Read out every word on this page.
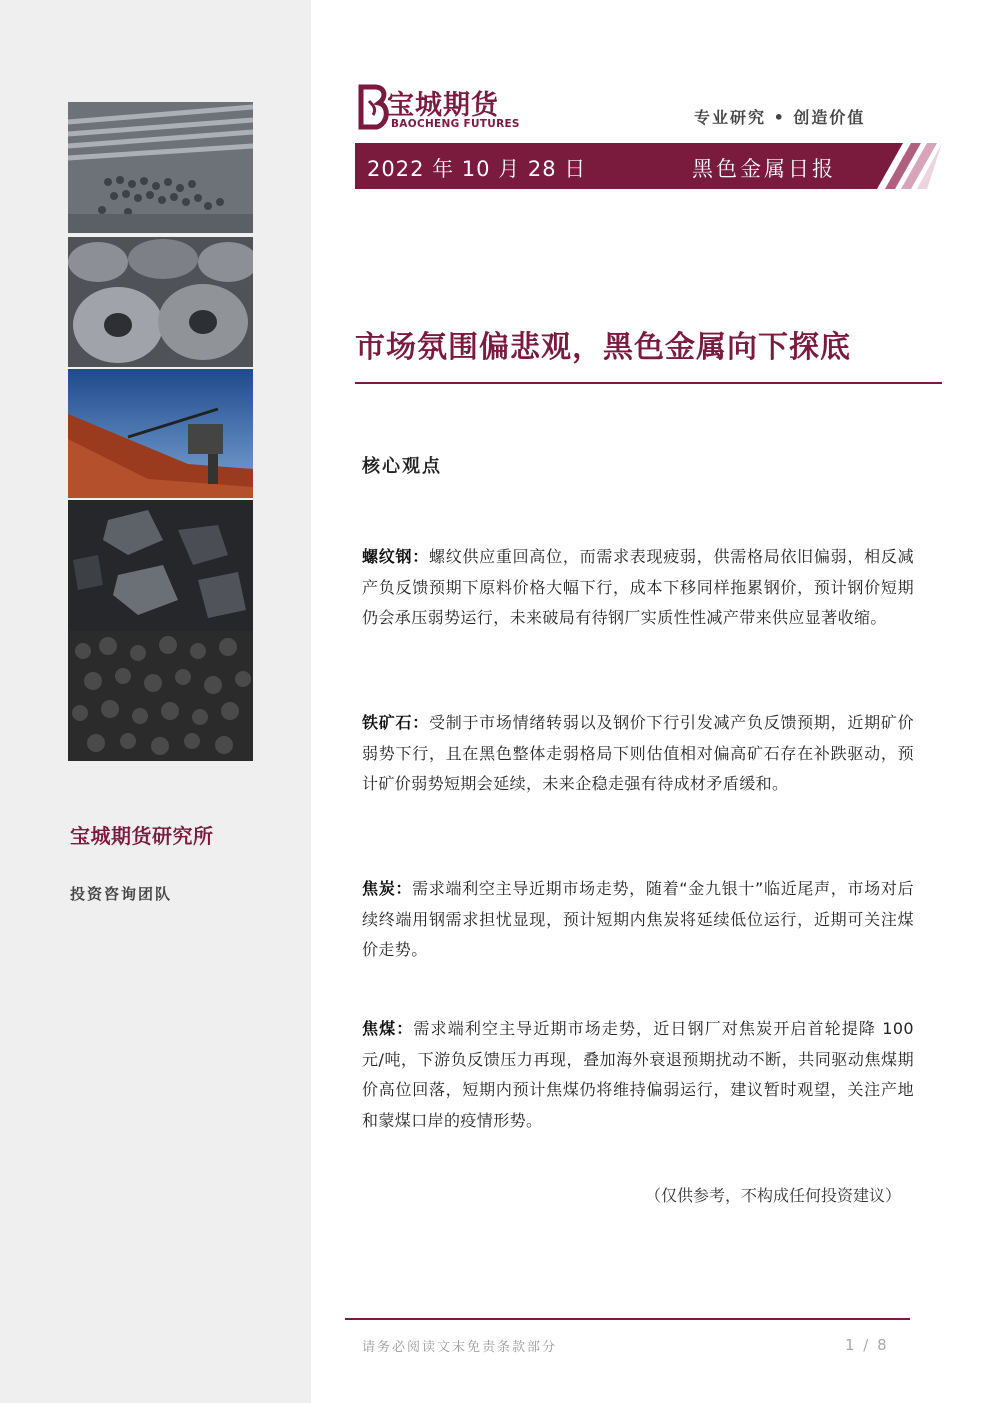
宝城期货研究所
投资咨询团队
宝城期货
BAOCHENG FUTURES	专业研究 • 创造价值
2022 年 10 月 28 日	黑色金属日报
市场氛围偏悲观，黑色金属向下探底
核心观点
螺纹钢：螺纹供应重回高位，而需求表现疲弱，供需格局依旧偏弱，相反减产负反馈预期下原料价格大幅下行，成本下移同样拖累钢价，预计钢价短期仍会承压弱势运行，未来破局有待钢厂实质性性减产带来供应显著收缩。
铁矿石：受制于市场情绪转弱以及钢价下行引发减产负反馈预期，近期矿价弱势下行，且在黑色整体走弱格局下则估值相对偏高矿石存在补跌驱动，预计矿价弱势短期会延续，未来企稳走强有待成材矛盾缓和。
焦炭：需求端利空主导近期市场走势，随着“金九银十”临近尾声，市场对后续终端用钢需求担忧显现，预计短期内焦炭将延续低位运行，近期可关注煤价走势。
焦煤：需求端利空主导近期市场走势，近日钢厂对焦炭开启首轮提降 100 元/吨，下游负反馈压力再现，叠加海外衰退预期扰动不断，共同驱动焦煤期价高位回落，短期内预计焦煤仍将维持偏弱运行，建议暂时观望，关注产地和蒙煤口岸的疫情形势。
（仅供参考，不构成任何投资建议）
请务必阅读文末免责条款部分	1 / 8
